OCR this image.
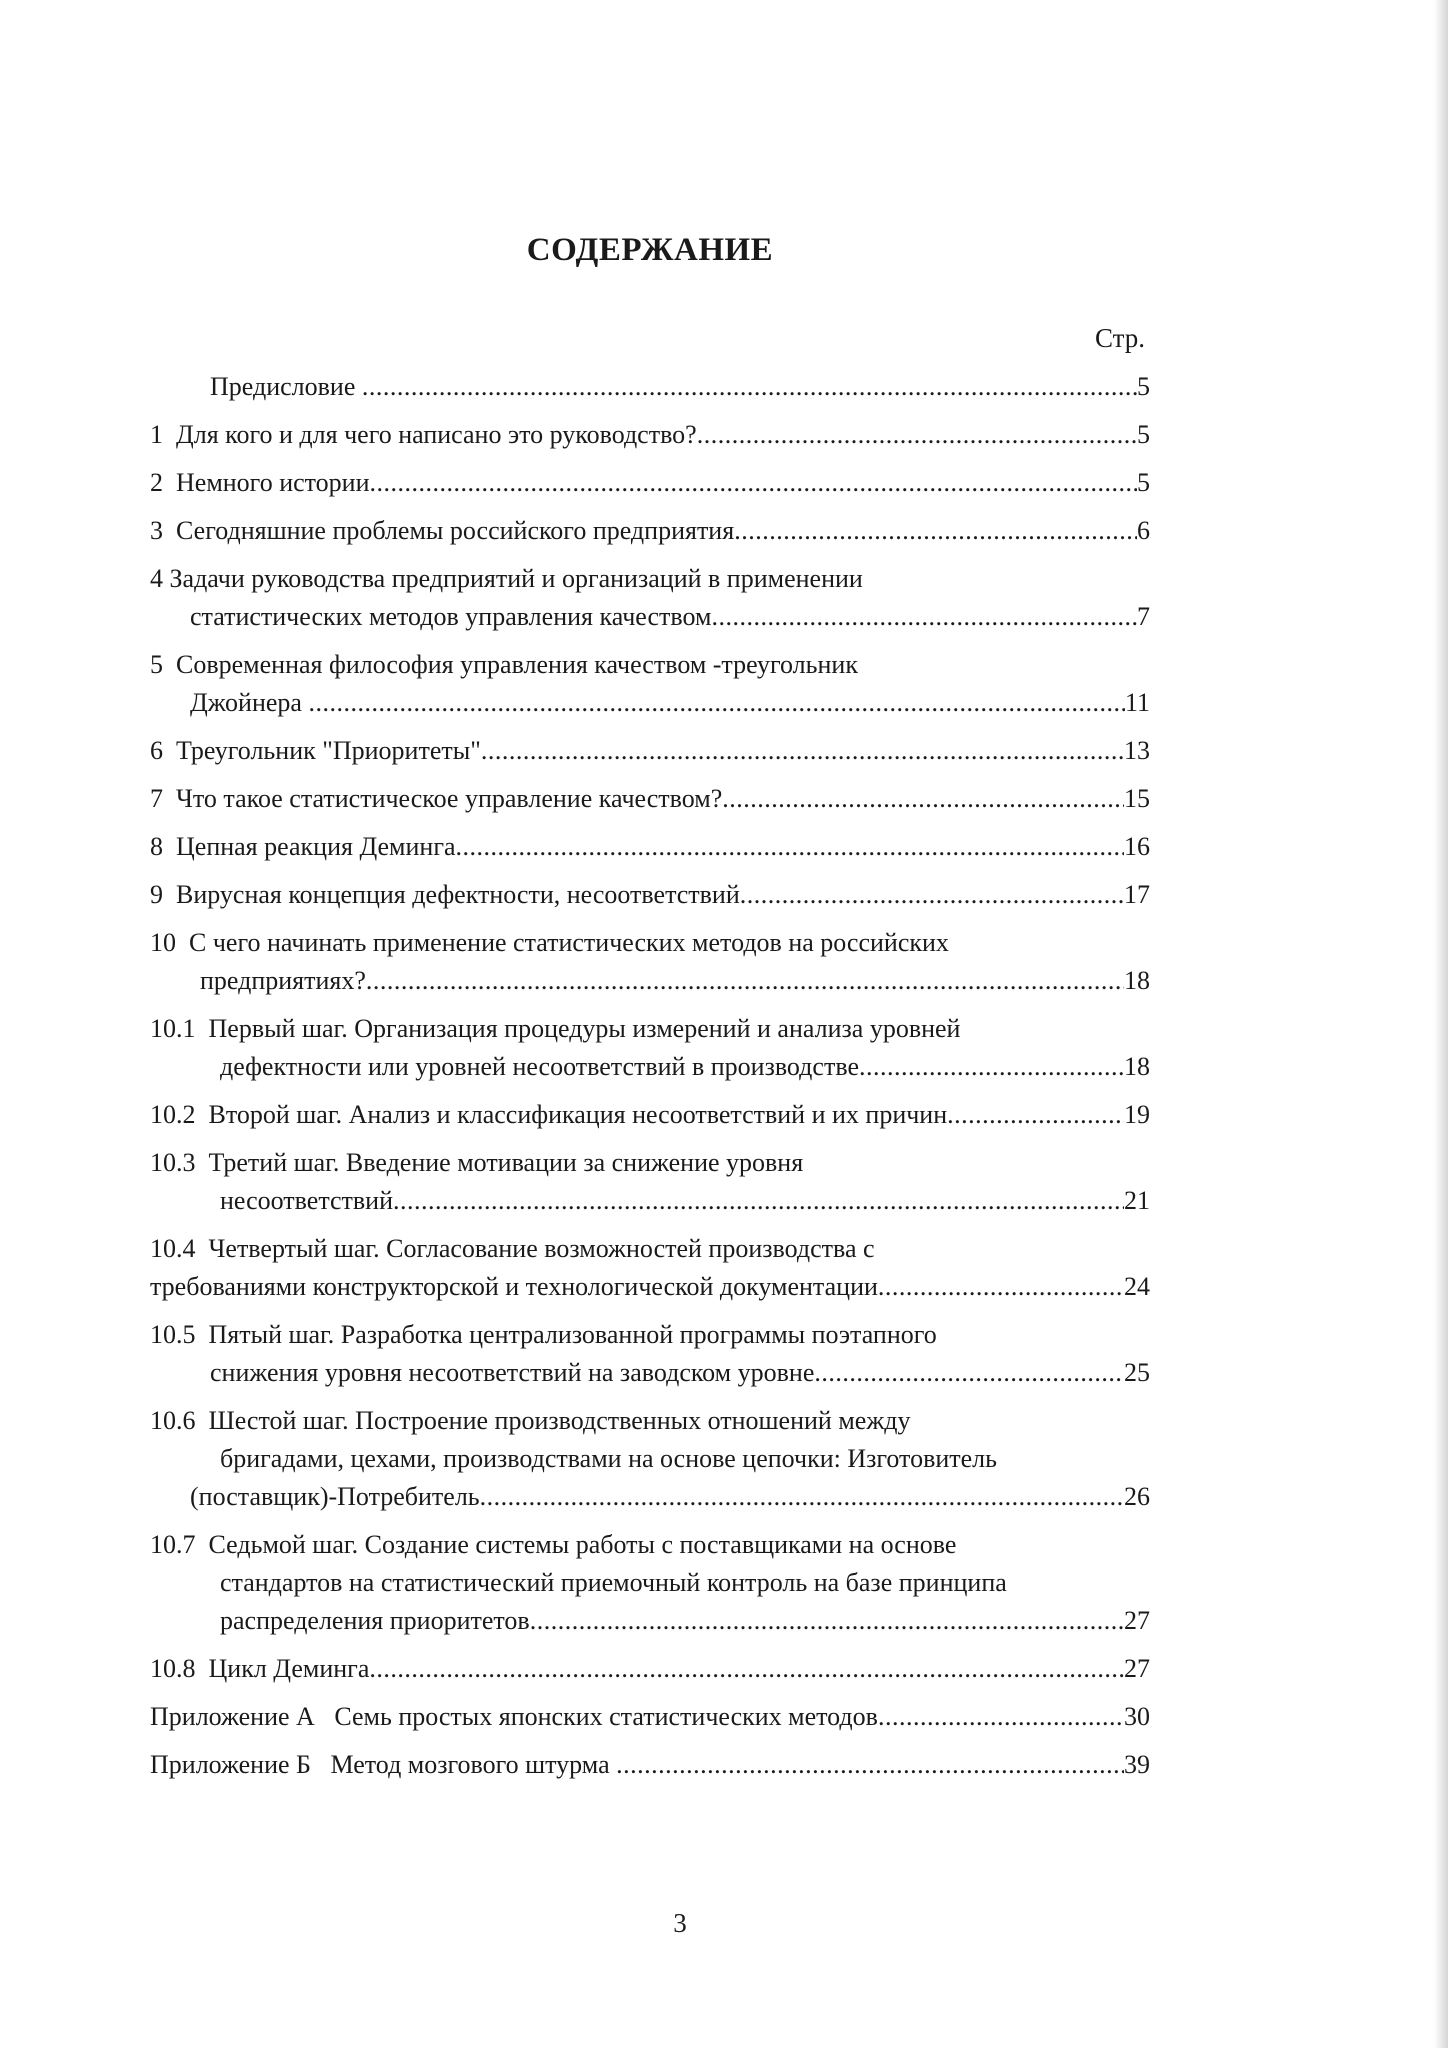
СОДЕРЖАНИЕ
Стр.
Предисловие .....	5
1  Для кого и для чего написано это руководство? .....	5
2  Немного истории .....	5
3  Сегодняшние проблемы российского предприятия .....	6
4 Задачи руководства предприятий и организаций в применении
статистических методов управления качеством .....	7
5  Современная философия управления качеством -треугольник
Джойнера .....	11
6  Треугольник "Приоритеты" .....	13
7  Что такое статистическое управление качеством? .....	15
8  Цепная реакция Деминга .....	16
9  Вирусная концепция дефектности, несоответствий .....	17
10  С чего начинать применение статистических методов на российских
предприятиях? .....	18
10.1  Первый шаг. Организация процедуры измерений и анализа уровней
дефектности или уровней несоответствий в производстве .....	18
10.2  Второй шаг. Анализ и классификация несоответствий и их причин .....	19
10.3  Третий шаг. Введение мотивации за снижение уровня
несоответствий .....	21
10.4  Четвертый шаг. Согласование возможностей производства с
требованиями конструкторской и технологической документации .....	24
10.5  Пятый шаг. Разработка централизованной программы поэтапного
снижения уровня несоответствий на заводском уровне .....	25
10.6  Шестой шаг. Построение производственных отношений между
бригадами, цехами, производствами на основе цепочки: Изготовитель
(поставщик)-Потребитель .....	26
10.7  Седьмой шаг. Создание системы работы с поставщиками на основе
стандартов на статистический приемочный контроль на базе принципа
распределения приоритетов .....	27
10.8  Цикл Деминга .....	27
Приложение А   Семь простых японских статистических методов .....	30
Приложение Б   Метод мозгового штурма .....	39
3
